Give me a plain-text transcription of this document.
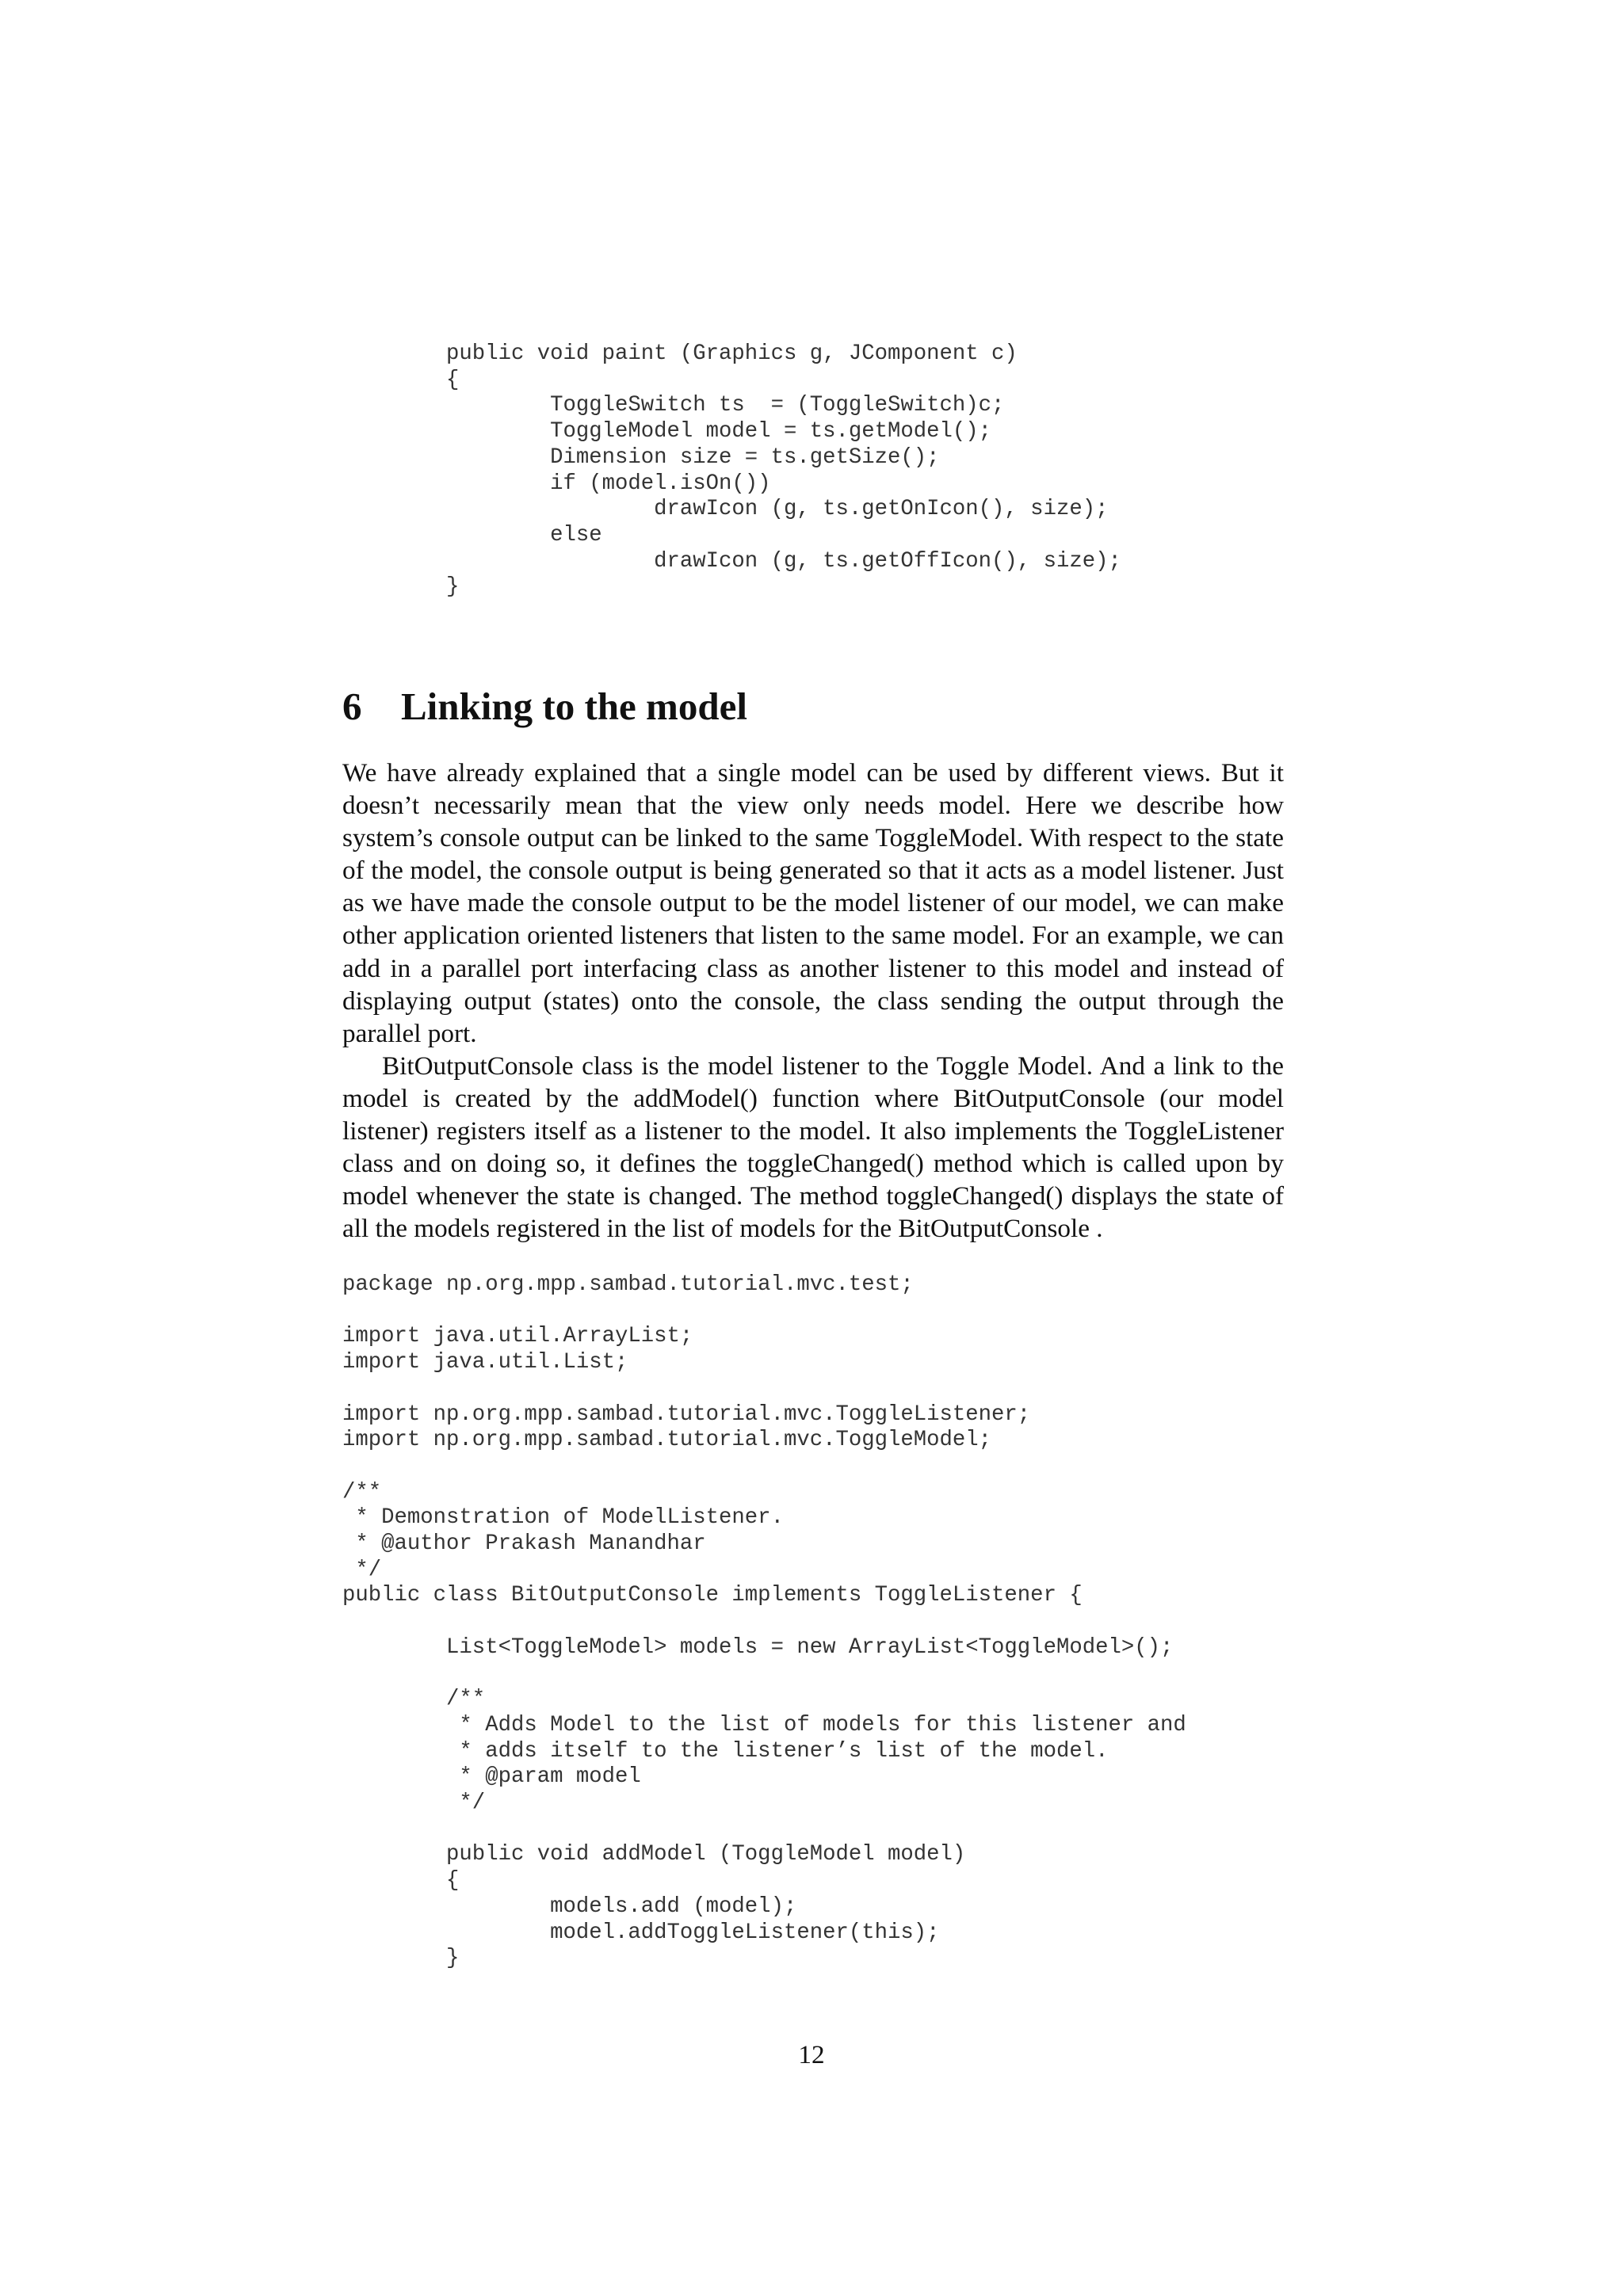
public void paint (Graphics g, JComponent c)
{
ToggleSwitch ts  = (ToggleSwitch)c;
ToggleModel model = ts.getModel();
Dimension size = ts.getSize();
if (model.isOn())
drawIcon (g, ts.getOnIcon(), size);
else
drawIcon (g, ts.getOffIcon(), size);
}
6 Linking to the model

We have already explained that a single model can be used by different views. But it doesn’t necessarily mean that the view only needs model. Here we describe how system’s console output can be linked to the same ToggleModel. With respect to the state of the model, the console output is being generated so that it acts as a model listener. Just as we have made the console output to be the model listener of our model, we can make other application oriented listeners that listen to the same model. For an example, we can add in a parallel port interfacing class as another listener to this model and instead of displaying output (states) onto the console, the class sending the output through the parallel port.

BitOutputConsole class is the model listener to the Toggle Model. And a link to the model is created by the addModel() function where BitOutputConsole (our model listener) registers itself as a listener to the model. It also implements the ToggleListener class and on doing so, it defines the toggleChanged() method which is called upon by model whenever the state is changed. The method toggleChanged() displays the state of all the models registered in the list of models for the BitOutputConsole .

package np.org.mpp.sambad.tutorial.mvc.test;

import java.util.ArrayList;
import java.util.List;

import np.org.mpp.sambad.tutorial.mvc.ToggleListener;
import np.org.mpp.sambad.tutorial.mvc.ToggleModel;

/**
* Demonstration of ModelListener.
* @author Prakash Manandhar
*/
public class BitOutputConsole implements ToggleListener {

List<ToggleModel> models = new ArrayList<ToggleModel>();

/**
* Adds Model to the list of models for this listener and
* adds itself to the listener’s list of the model.
* @param model
*/

public void addModel (ToggleModel model)
{
models.add (model);
model.addToggleListener(this);
}
12
